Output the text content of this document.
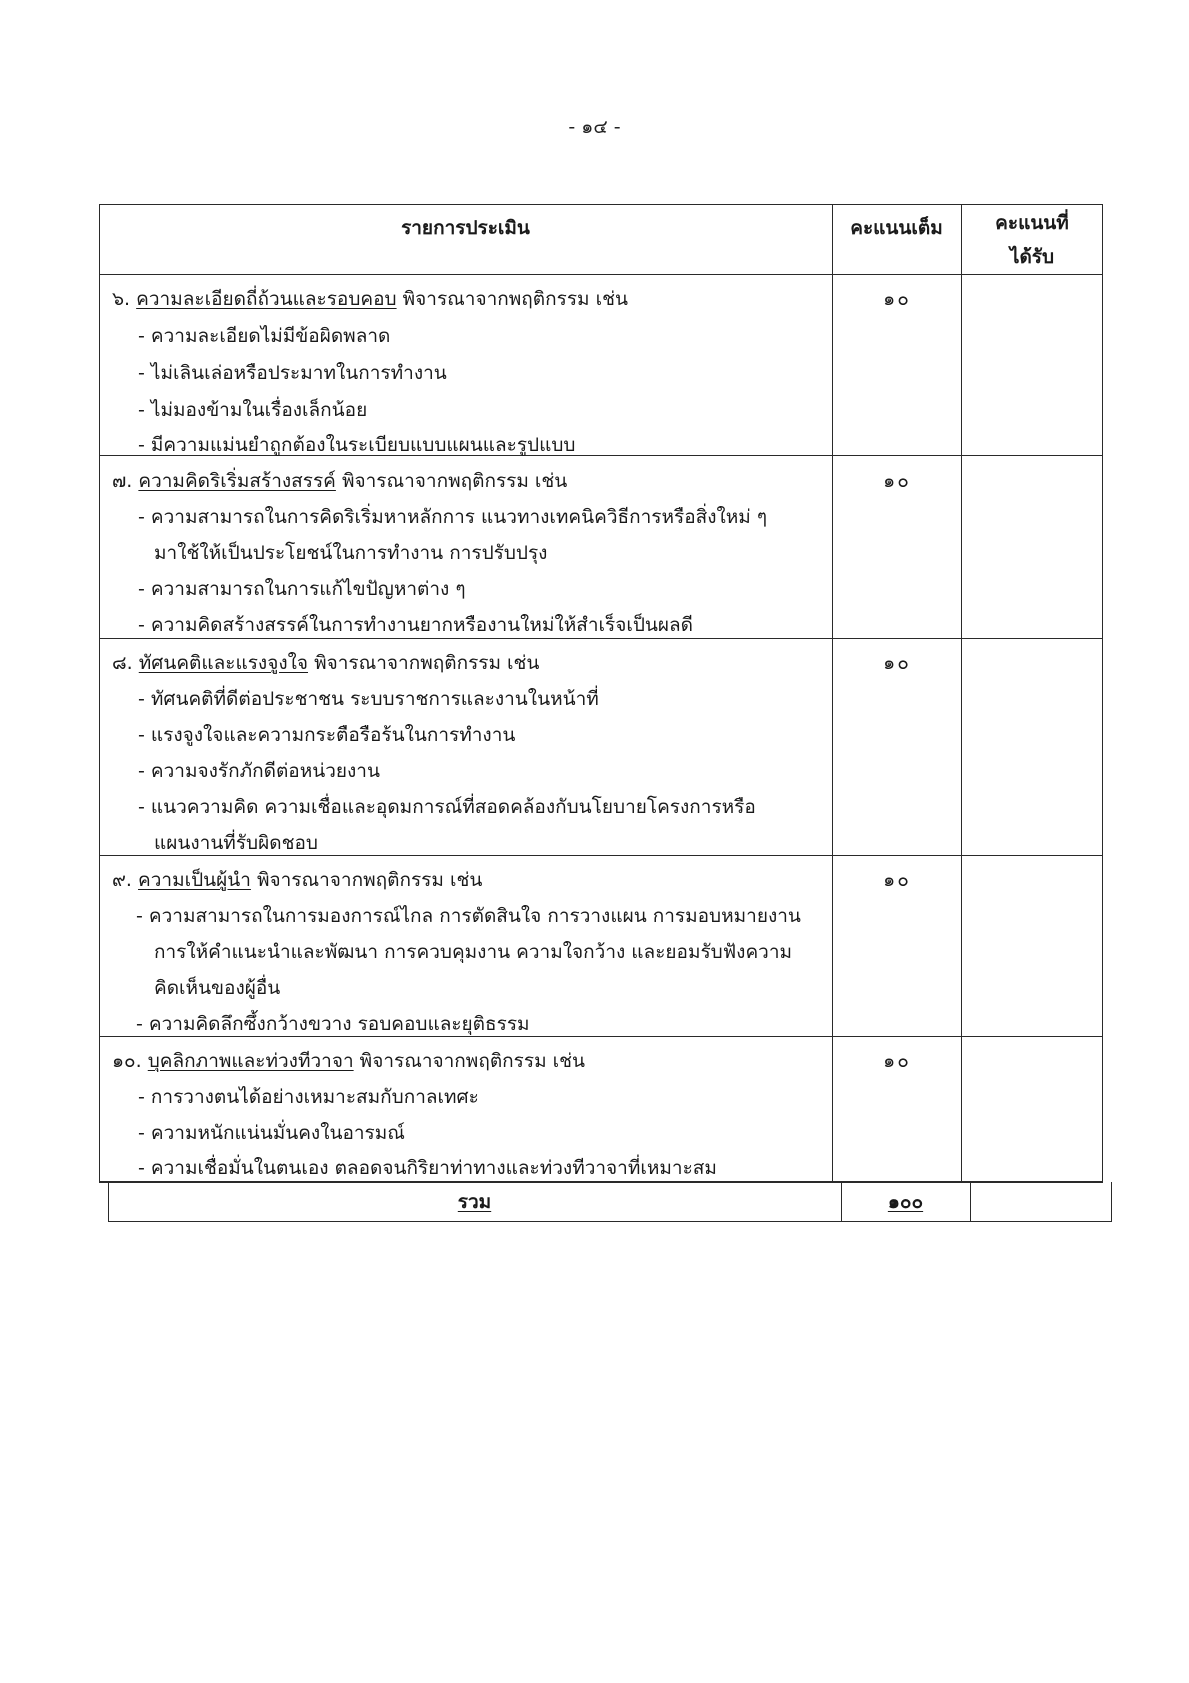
- ๑๔ -
รายการประเมิน	คะแนนเต็ม	คะแนนที่
ได้รับ
๖. ความละเอียดถี่ถ้วนและรอบคอบ พิจารณาจากพฤติกรรม เช่น	๑๐
- ความละเอียดไม่มีข้อผิดพลาด
- ไม่เลินเล่อหรือประมาทในการทำงาน
- ไม่มองข้ามในเรื่องเล็กน้อย
- มีความแม่นยำถูกต้องในระเบียบแบบแผนและรูปแบบ
๗. ความคิดริเริ่มสร้างสรรค์ พิจารณาจากพฤติกรรม เช่น	๑๐
- ความสามารถในการคิดริเริ่มหาหลักการ แนวทางเทคนิควิธีการหรือสิ่งใหม่ ๆ
มาใช้ให้เป็นประโยชน์ในการทำงาน การปรับปรุง
- ความสามารถในการแก้ไขปัญหาต่าง ๆ
- ความคิดสร้างสรรค์ในการทำงานยากหรืองานใหม่ให้สำเร็จเป็นผลดี
๘. ทัศนคติและแรงจูงใจ พิจารณาจากพฤติกรรม เช่น	๑๐
- ทัศนคติที่ดีต่อประชาชน ระบบราชการและงานในหน้าที่
- แรงจูงใจและความกระตือรือร้นในการทำงาน
- ความจงรักภักดีต่อหน่วยงาน
- แนวความคิด ความเชื่อและอุดมการณ์ที่สอดคล้องกับนโยบายโครงการหรือ
แผนงานที่รับผิดชอบ
๙. ความเป็นผู้นำ พิจารณาจากพฤติกรรม เช่น	๑๐
- ความสามารถในการมองการณ์ไกล การตัดสินใจ การวางแผน การมอบหมายงาน
การให้คำแนะนำและพัฒนา การควบคุมงาน ความใจกว้าง และยอมรับฟังความ
คิดเห็นของผู้อื่น
- ความคิดลึกซึ้งกว้างขวาง รอบคอบและยุติธรรม
๑๐. บุคลิกภาพและท่วงทีวาจา พิจารณาจากพฤติกรรม เช่น	๑๐
- การวางตนได้อย่างเหมาะสมกับกาลเทศะ
- ความหนักแน่นมั่นคงในอารมณ์
- ความเชื่อมั่นในตนเอง ตลอดจนกิริยาท่าทางและท่วงทีวาจาที่เหมาะสม
รวม	๑๐๐
